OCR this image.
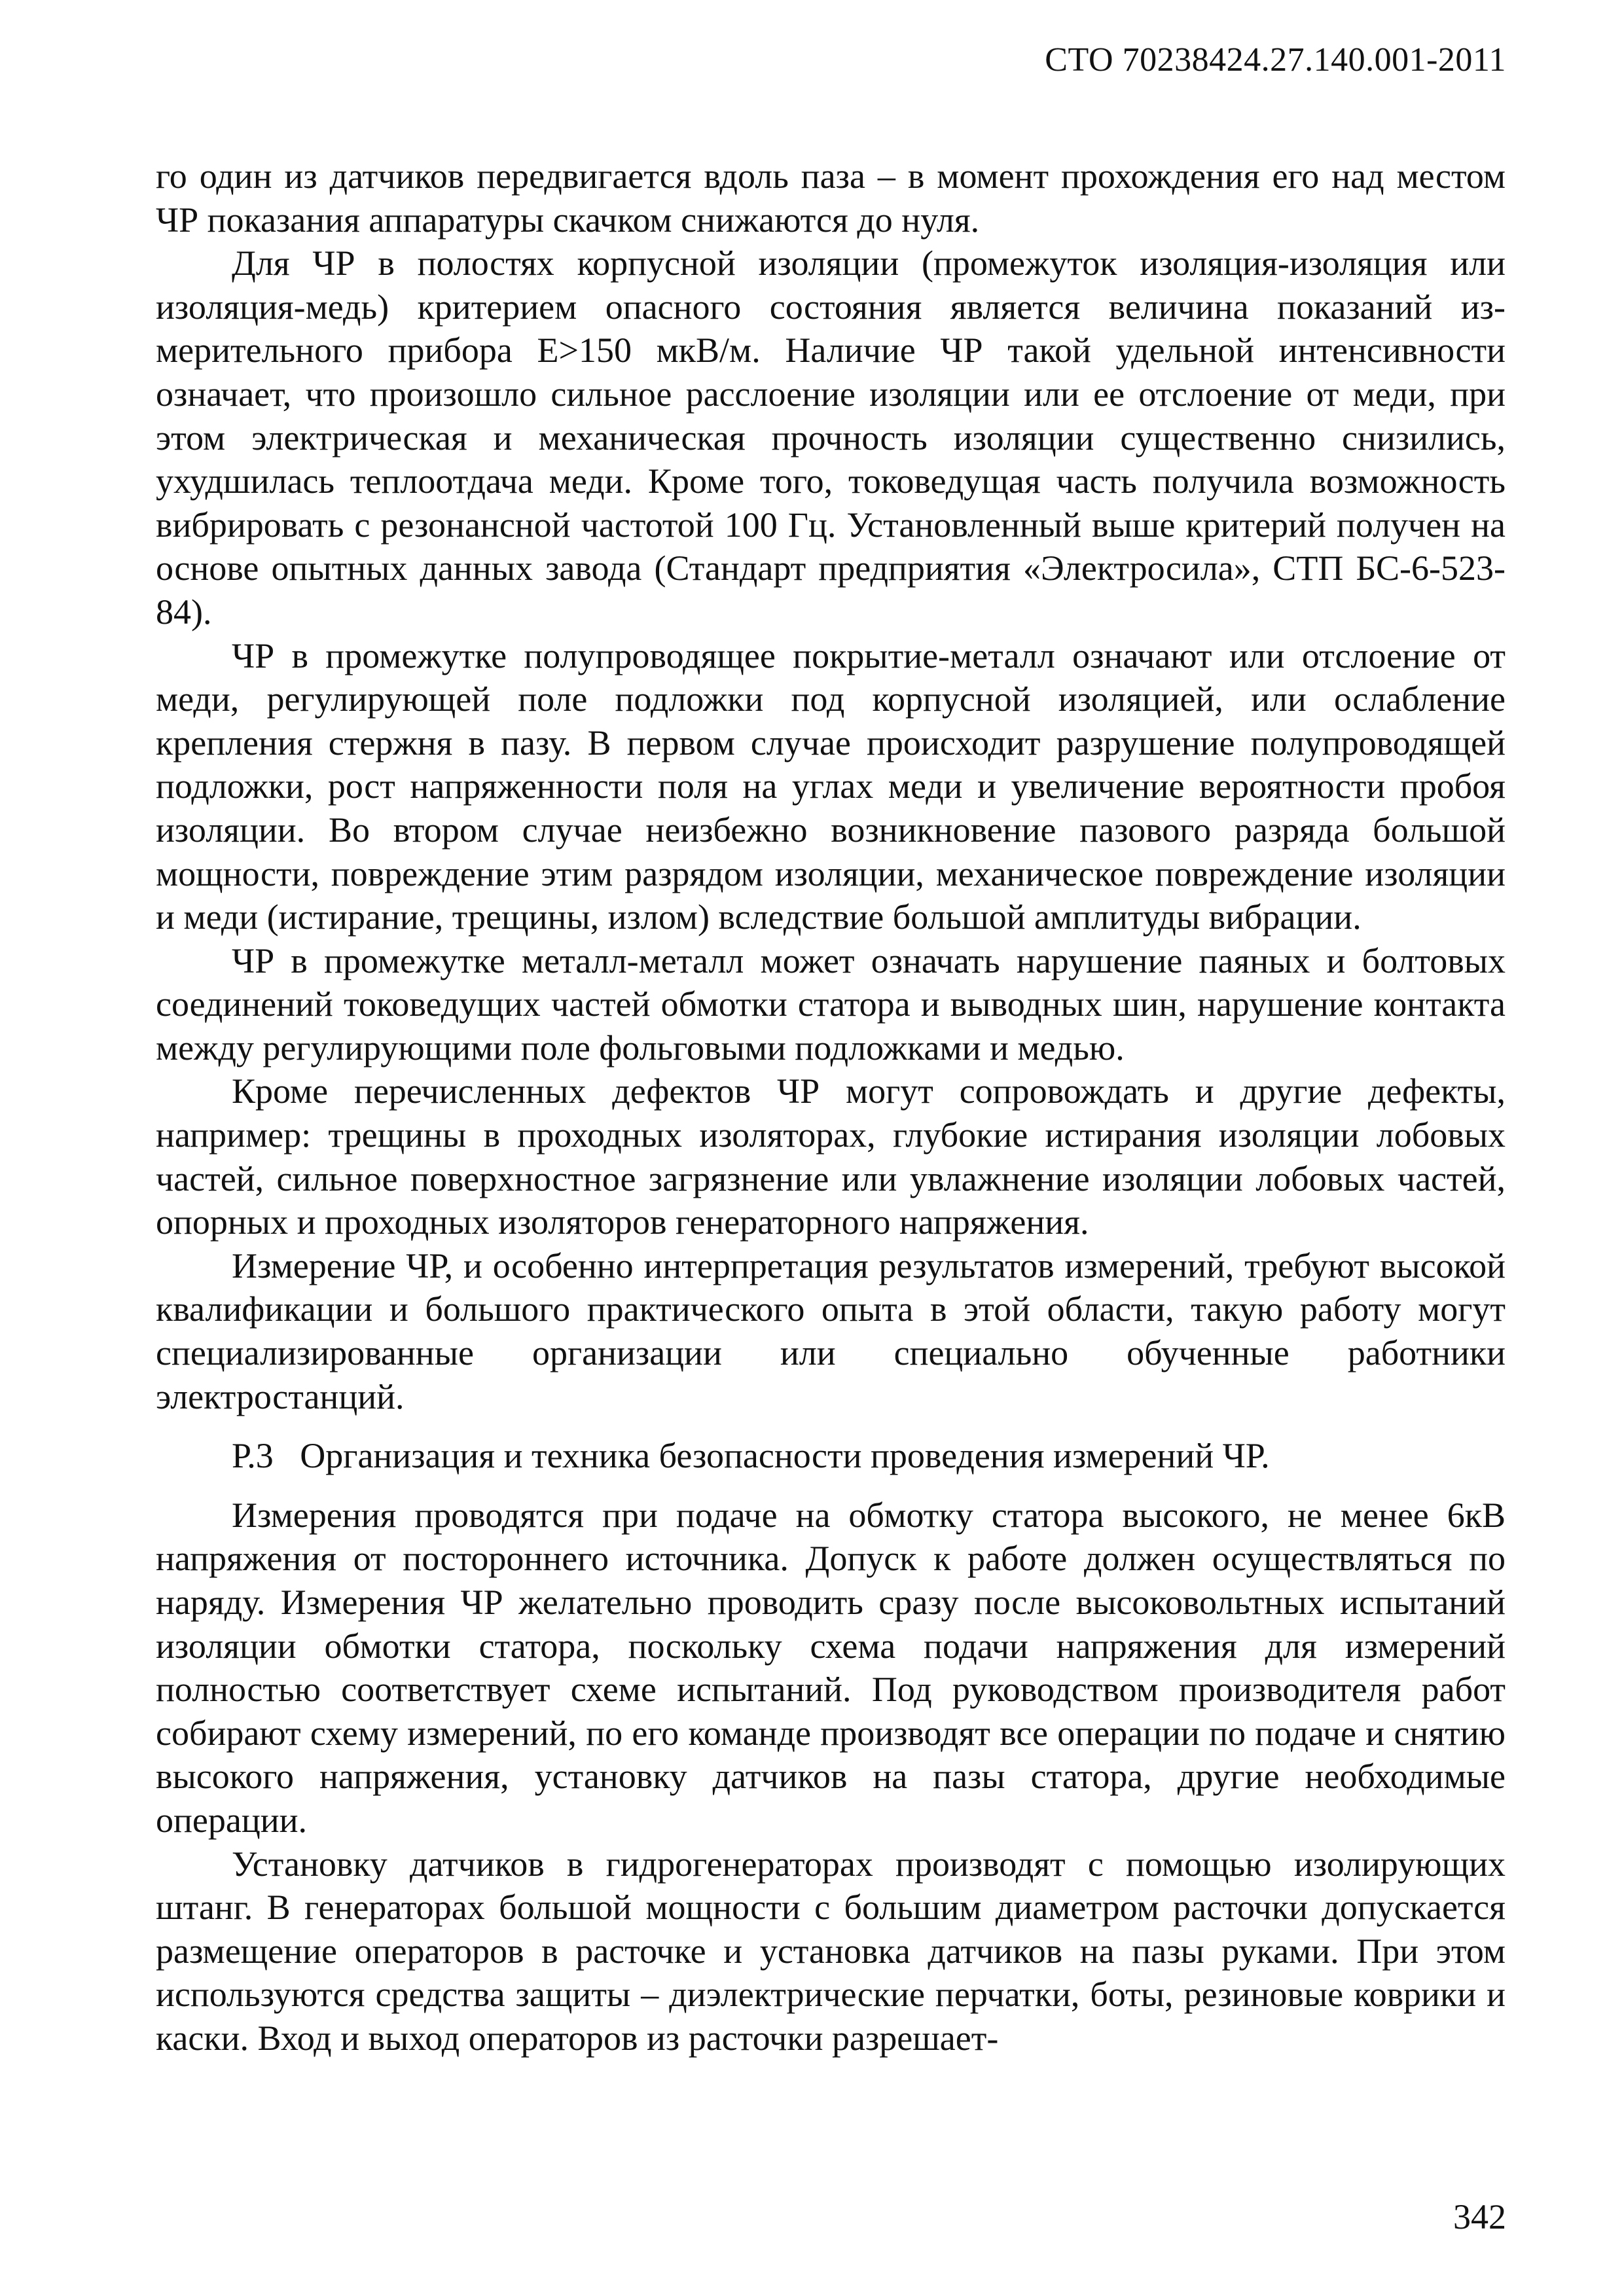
СТО 70238424.27.140.001-2011

го один из датчиков передвигается вдоль паза – в момент прохождения его над местом ЧР показания аппаратуры скачком снижаются до нуля.

Для ЧР в полостях корпусной изоляции (промежуток изоляция-изоляция или изоляция-медь) критерием опасного состояния является величина показаний измерительного прибора E>150 мкВ/м. Наличие ЧР такой удельной интенсивности означает, что произошло сильное расслоение изоляции или ее отслоение от меди, при этом электрическая и механическая прочность изоляции существенно снизились, ухудшилась теплоотдача меди. Кроме того, токоведущая часть получила возможность вибрировать с резонансной частотой 100 Гц. Установленный выше критерий получен на основе опытных данных завода (Стандарт предприятия «Электросила», СТП БС-6-523-84).

ЧР в промежутке полупроводящее покрытие-металл означают или отслоение от меди, регулирующей поле подложки под корпусной изоляцией, или ослабление крепления стержня в пазу. В первом случае происходит разрушение полупроводящей подложки, рост напряженности поля на углах меди и увеличение вероятности пробоя изоляции. Во втором случае неизбежно возникновение пазового разряда большой мощности, повреждение этим разрядом изоляции, механическое повреждение изоляции и меди (истирание, трещины, излом) вследствие большой амплитуды вибрации.

ЧР в промежутке металл-металл может означать нарушение паяных и болтовых соединений токоведущих частей обмотки статора и выводных шин, нарушение контакта между регулирующими поле фольговыми подложками и медью.

Кроме перечисленных дефектов ЧР могут сопровождать и другие дефекты, например: трещины в проходных изоляторах, глубокие истирания изоляции лобовых частей, сильное поверхностное загрязнение или увлажнение изоляции лобовых частей, опорных и проходных изоляторов генераторного напряжения.

Измерение ЧР, и особенно интерпретация результатов измерений, требуют высокой квалификации и большого практического опыта в этой области, такую работу могут специализированные организации или специально обученные работники электростанций.

Р.3 Организация и техника безопасности проведения измерений ЧР.

Измерения проводятся при подаче на обмотку статора высокого, не менее 6кВ напряжения от постороннего источника. Допуск к работе должен осуществляться по наряду. Измерения ЧР желательно проводить сразу после высоковольтных испытаний изоляции обмотки статора, поскольку схема подачи напряжения для измерений полностью соответствует схеме испытаний. Под руководством производителя работ собирают схему измерений, по его команде производят все операции по подаче и снятию высокого напряжения, установку датчиков на пазы статора, другие необходимые операции.

Установку датчиков в гидрогенераторах производят с помощью изолирующих штанг. В генераторах большой мощности с большим диаметром расточки допускается размещение операторов в расточке и установка датчиков на пазы руками. При этом используются средства защиты – диэлектрические перчатки, боты, резиновые коврики и каски. Вход и выход операторов из расточки разрешает-

342
